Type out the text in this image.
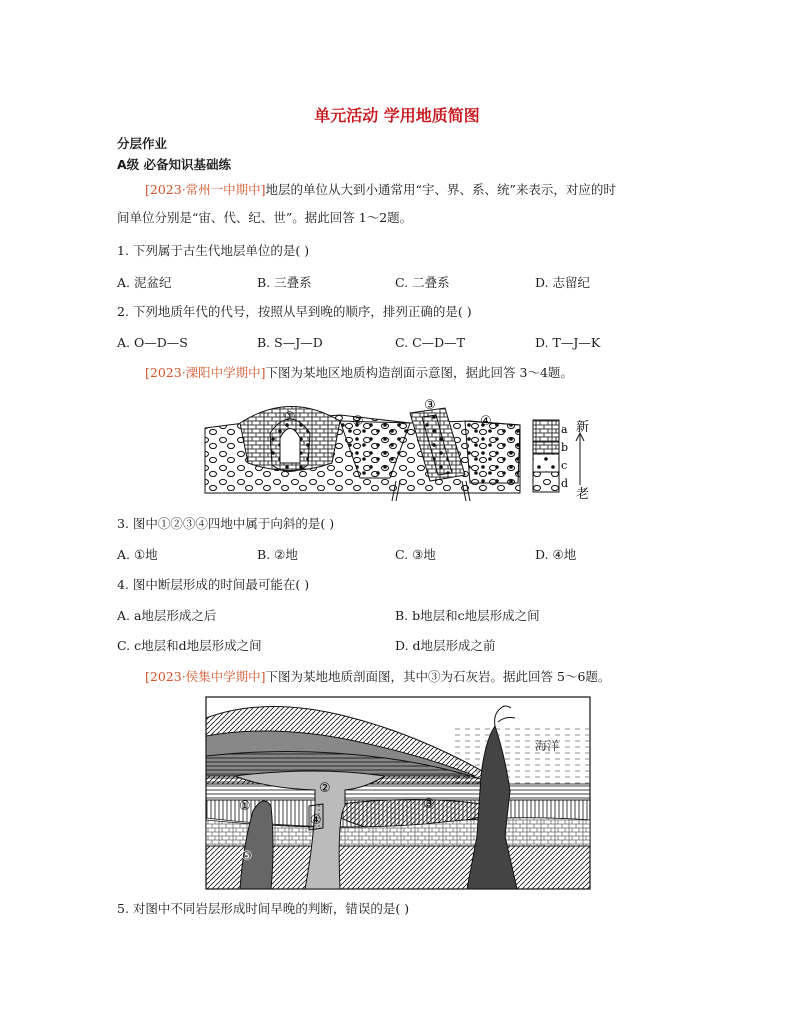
单元活动 学用地质简图
分层作业
A级 必备知识基础练
[2023·常州一中期中]地层的单位从大到小通常用“宇、界、系、统”来表示，对应的时
间单位分别是“宙、代、纪、世”。据此回答 1～2题。
1. 下列属于古生代地层单位的是( )
A. 泥盆纪	B. 三叠系	C. 二叠系	D. 志留纪
2. 下列地质年代的代号，按照从早到晚的顺序，排列正确的是( )
A. O—D—S	B. S—J—D	C. C—D—T	D. T—J—K
[2023·溧阳中学期中]下图为某地区地质构造剖面示意图，据此回答 3～4题。
①	②
③
④
a
b
c
d
新
老
3. 图中①②③④四地中属于向斜的是( )
A. ①地	B. ②地	C. ③地	D. ④地
4. 图中断层形成的时间最可能在( )
A. a地层形成之后	B. b地层和c地层形成之间
C. c地层和d地层形成之间	D. d地层形成之前
[2023·侯集中学期中]下图为某地地质剖面图，其中③为石灰岩。据此回答 5～6题。
海洋
①
②
③
④
⑤
5. 对图中不同岩层形成时间早晚的判断，错误的是( )
